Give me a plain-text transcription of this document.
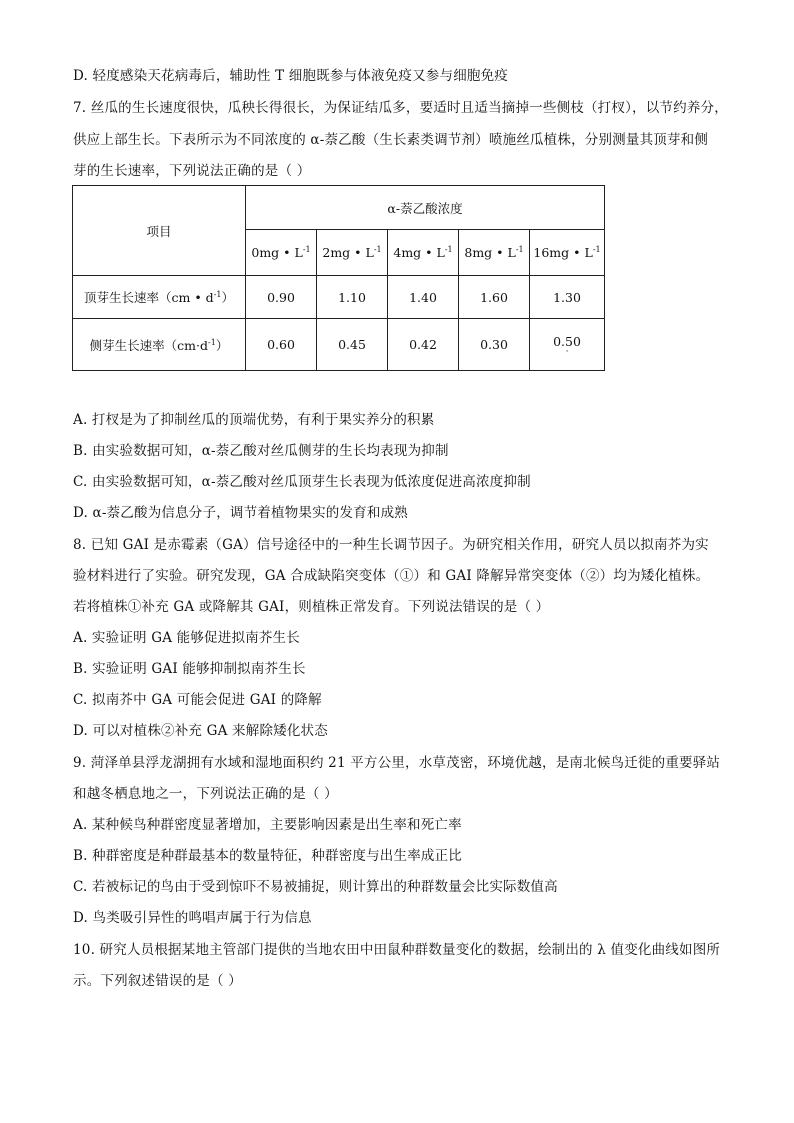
D. 轻度感染天花病毒后，辅助性 T 细胞既参与体液免疫又参与细胞免疫
7. 丝瓜的生长速度很快，瓜秧长得很长，为保证结瓜多，要适时且适当摘掉一些侧枝（打杈），以节约养分，
供应上部生长。下表所示为不同浓度的 α-萘乙酸（生长素类调节剂）喷施丝瓜植株，分别测量其顶芽和侧
芽的生长速率，下列说法正确的是（ ）
项目	α-萘乙酸浓度				
	0mg • $L^{-1}$	2mg • $L^{-1}$	4mg • $L^{-1}$	8mg • $L^{-1}$	16mg • $L^{-1}$
顶芽生长速率（cm • $d^{-1}$）	0.90	1.10	1.40	1.60	1.30
侧芽生长速率$(cm\cdot d^{-1})$	0.60	0.45	0.42	0.30	0.50
·
A. 打杈是为了抑制丝瓜的顶端优势，有利于果实养分的积累
B. 由实验数据可知，α-萘乙酸对丝瓜侧芽的生长均表现为抑制
C. 由实验数据可知，α-萘乙酸对丝瓜顶芽生长表现为低浓度促进高浓度抑制
D. α-萘乙酸为信息分子，调节着植物果实的发育和成熟
8. 已知 GAI 是赤霉素（GA）信号途径中的一种生长调节因子。为研究相关作用，研究人员以拟南芥为实
验材料进行了实验。研究发现，GA 合成缺陷突变体（①）和 GAI 降解异常突变体（②）均为矮化植株。
若将植株①补充 GA 或降解其 GAI，则植株正常发育。下列说法错误的是（ ）
A. 实验证明 GA 能够促进拟南芥生长
B. 实验证明 GAI 能够抑制拟南芥生长
C. 拟南芥中 GA 可能会促进 GAI 的降解
D. 可以对植株②补充 GA 来解除矮化状态
9. 菏泽单县浮龙湖拥有水域和湿地面积约 21 平方公里，水草茂密，环境优越，是南北候鸟迁徙的重要驿站
和越冬栖息地之一，下列说法正确的是（ ）
A. 某种候鸟种群密度显著增加，主要影响因素是出生率和死亡率
B. 种群密度是种群最基本的数量特征，种群密度与出生率成正比
C. 若被标记的鸟由于受到惊吓不易被捕捉，则计算出的种群数量会比实际数值高
D. 鸟类吸引异性的鸣唱声属于行为信息
10. 研究人员根据某地主管部门提供的当地农田中田鼠种群数量变化的数据，绘制出的 λ 值变化曲线如图所
示。下列叙述错误的是（ ）
